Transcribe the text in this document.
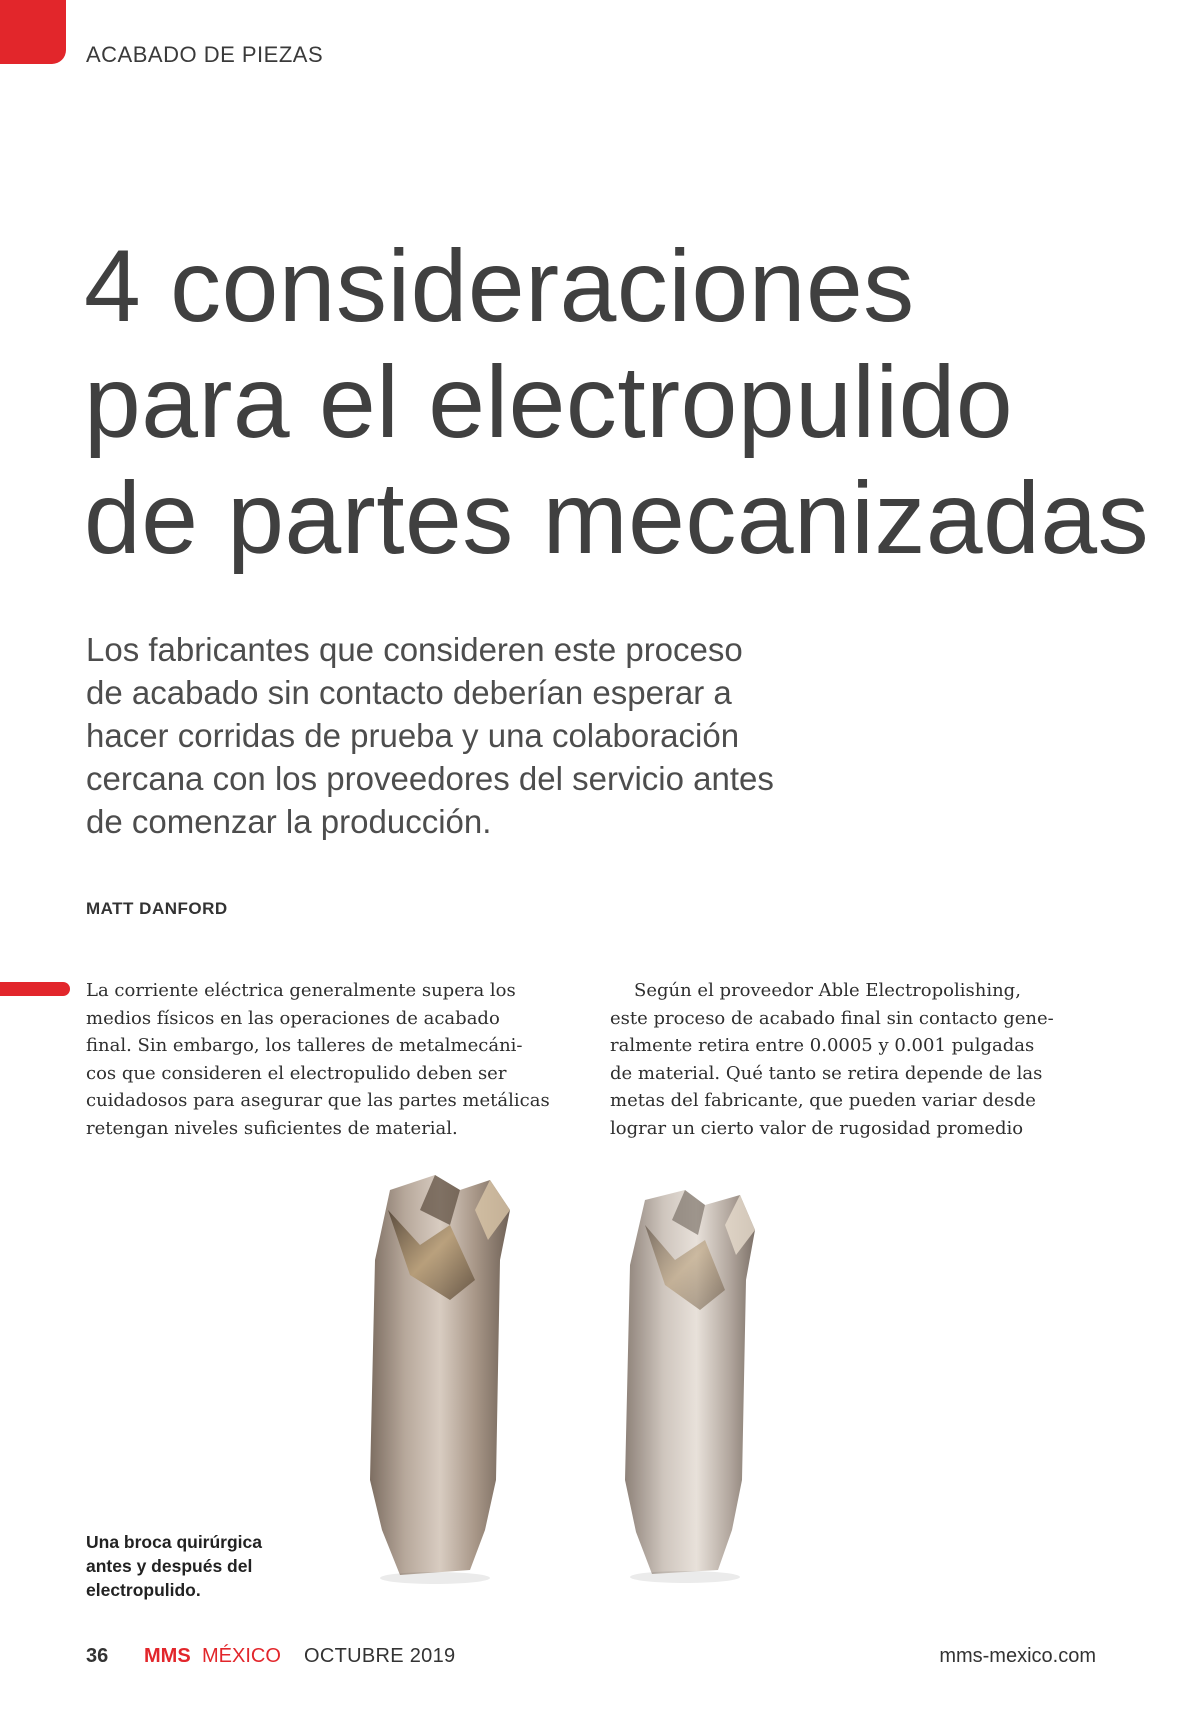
ACABADO DE PIEZAS
4 consideraciones
para el electropulido
de partes mecanizadas

Los fabricantes que consideren este proceso
de acabado sin contacto deberían esperar a
hacer corridas de prueba y una colaboración
cercana con los proveedores del servicio antes
de comenzar la producción.

MATT DANFORD
La corriente eléctrica generalmente supera los
medios físicos en las operaciones de acabado
final. Sin embargo, los talleres de metalmecáni-
cos que consideren el electropulido deben ser
cuidadosos para asegurar que las partes metálicas
retengan niveles suficientes de material.
Según el proveedor Able Electropolishing,
este proceso de acabado final sin contacto gene-
ralmente retira entre 0.0005 y 0.001 pulgadas
de material. Qué tanto se retira depende de las
metas del fabricante, que pueden variar desde
lograr un cierto valor de rugosidad promedio

Una broca quirúrgica
antes y después del
electropulido.

36 MMS MÉXICO OCTUBRE 2019	mms-mexico.com
